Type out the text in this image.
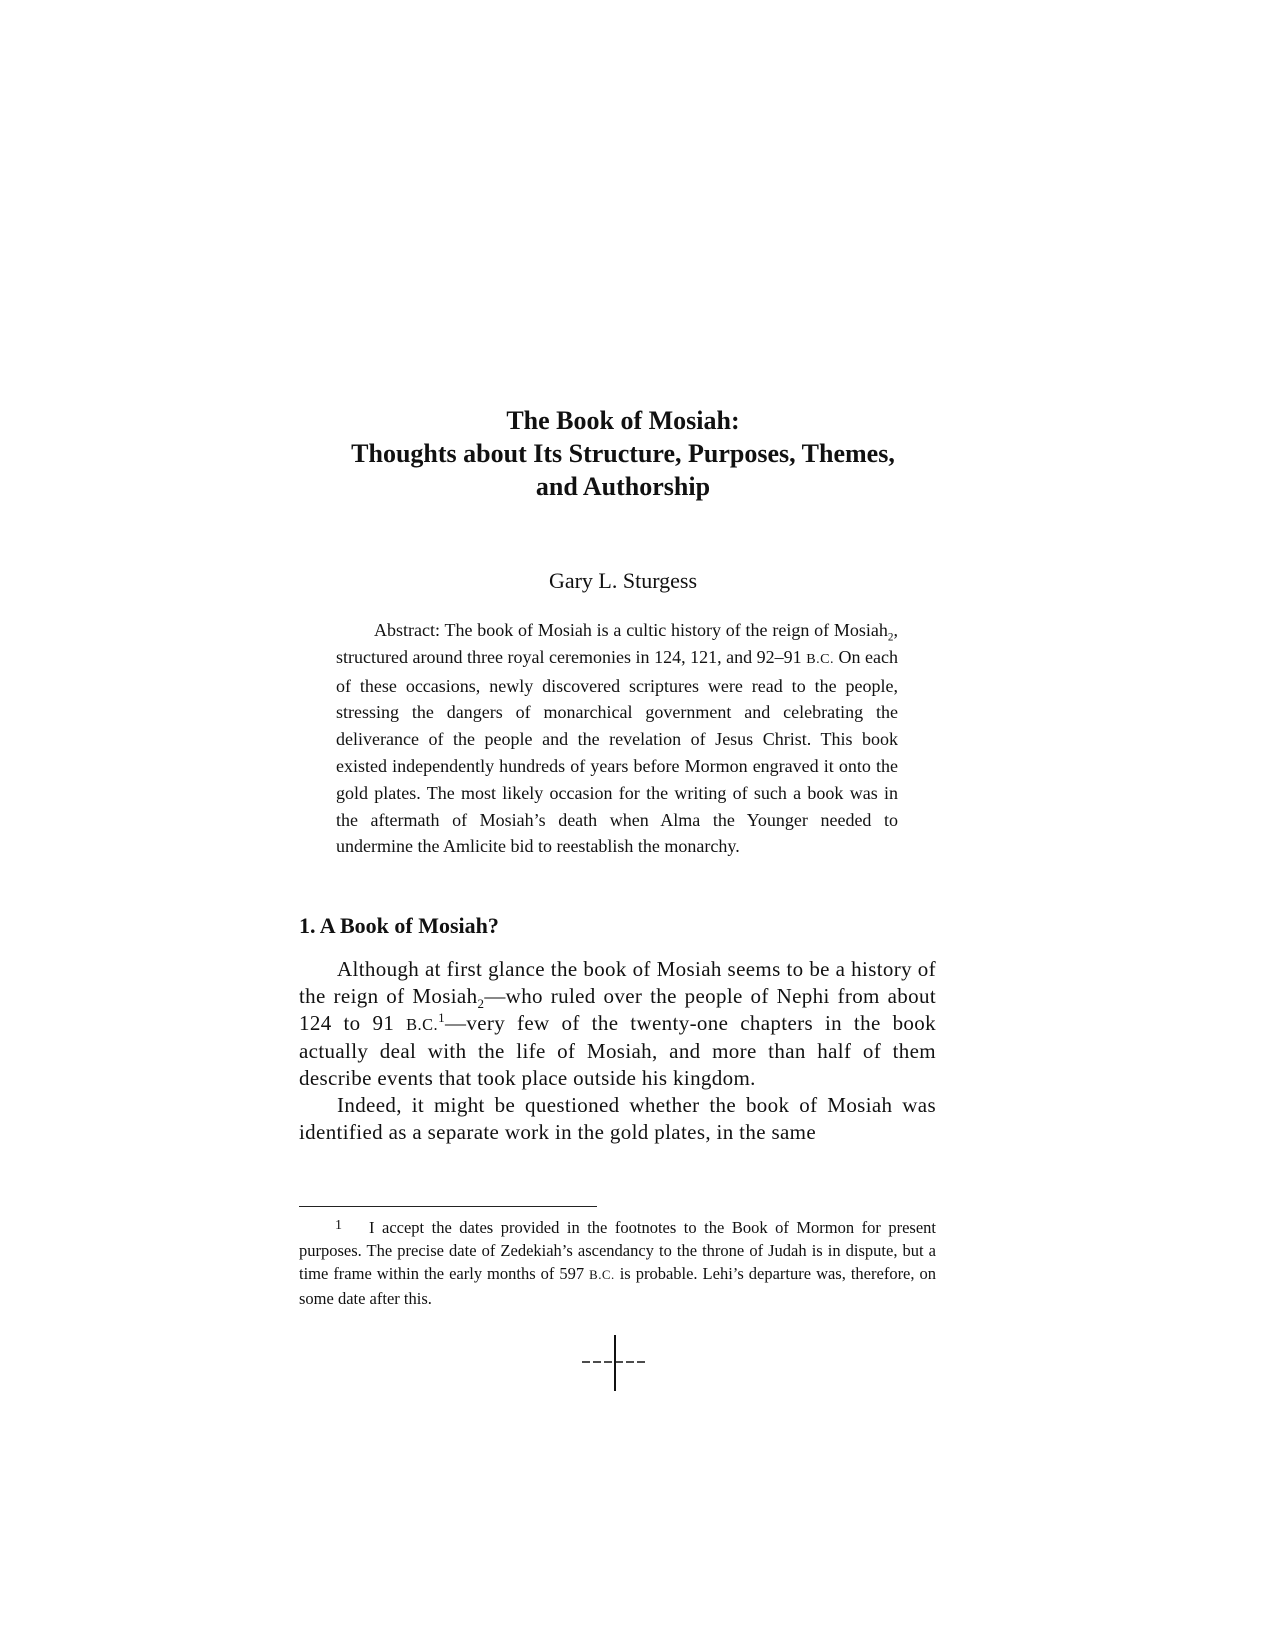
The Book of Mosiah:
Thoughts about Its Structure, Purposes, Themes,
and Authorship
Gary L. Sturgess

Abstract: The book of Mosiah is a cultic history of the reign of Mosiah$_2$, structured around three royal ceremonies in 124, 121, and 92–91 B.C. On each of these occasions, newly discovered scriptures were read to the people, stressing the dangers of monarchical government and celebrating the deliverance of the people and the revelation of Jesus Christ. This book existed independently hundreds of years before Mormon engraved it onto the gold plates. The most likely occasion for the writing of such a book was in the aftermath of Mosiah’s death when Alma the Younger needed to undermine the Amlicite bid to reestablish the monarchy.

1. A Book of Mosiah?

Although at first glance the book of Mosiah seems to be a history of the reign of Mosiah$_2$—who ruled over the people of Nephi from about 124 to 91 B.C.$^1$—very few of the twenty-one chapters in the book actually deal with the life of Mosiah, and more than half of them describe events that took place outside his kingdom.

Indeed, it might be questioned whether the book of Mosiah was identified as a separate work in the gold plates, in the same

1 I accept the dates provided in the footnotes to the Book of Mormon for present purposes. The precise date of Zedekiah’s ascendancy to the throne of Judah is in dispute, but a time frame within the early months of 597 B.C. is probable. Lehi’s departure was, therefore, on some date after this.
